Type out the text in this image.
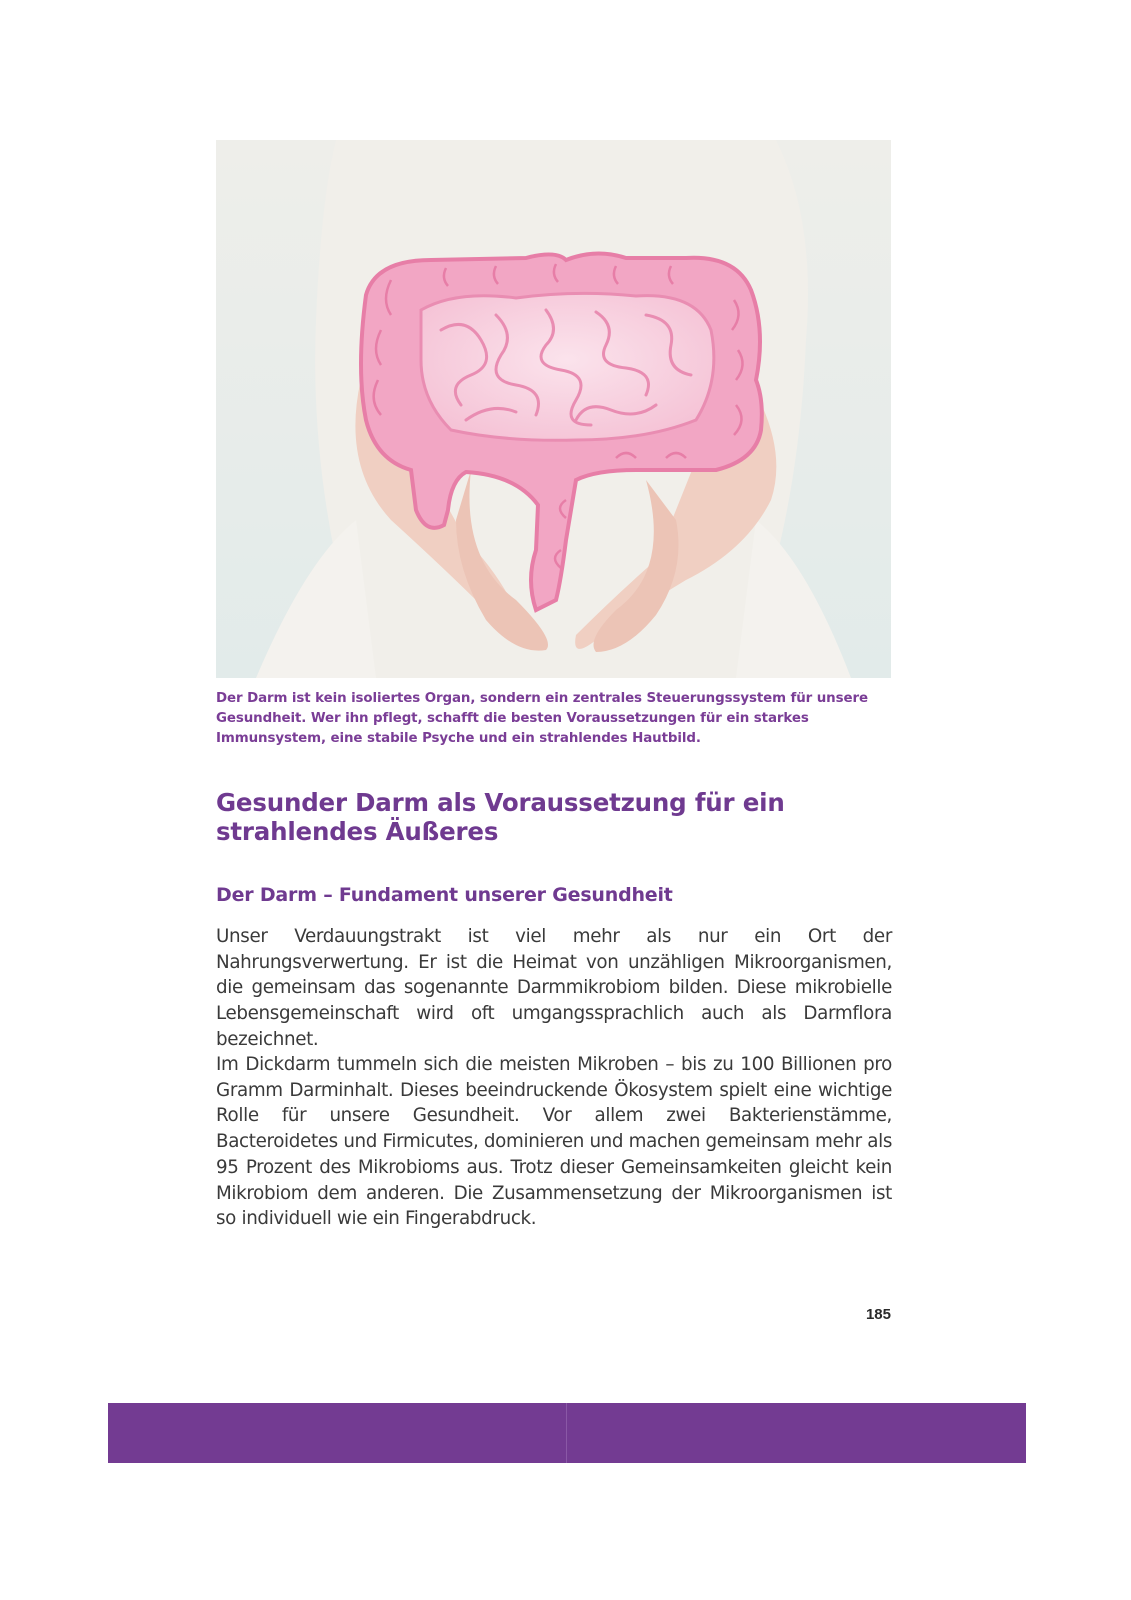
Der Darm ist kein isoliertes Organ, sondern ein zentrales Steuerungssystem für unsere Gesundheit. Wer ihn pflegt, schafft die besten Voraussetzungen für ein starkes Immunsystem, eine stabile Psyche und ein strahlendes Hautbild.

Gesunder Darm als Voraussetzung für ein
strahlendes Äußeres
Der Darm – Fundament unserer Gesundheit

Unser Verdauungstrakt ist viel mehr als nur ein Ort der Nahrungsverwertung. Er ist die Heimat von unzähligen Mikroorganismen, die gemeinsam das sogenannte Darmmikrobiom bilden. Diese mikrobielle Lebensgemeinschaft wird oft umgangssprachlich auch als Darmflora bezeichnet.

Im Dickdarm tummeln sich die meisten Mikroben – bis zu 100 Billionen pro Gramm Darminhalt. Dieses beeindruckende Ökosystem spielt eine wichtige Rolle für unsere Gesundheit. Vor allem zwei Bakterienstämme, Bacteroidetes und Firmicutes, dominieren und machen gemeinsam mehr als 95 Prozent des Mikrobioms aus. Trotz dieser Gemeinsamkeiten gleicht kein Mikrobiom dem anderen. Die Zusammensetzung der Mikroorganismen ist so individuell wie ein Fingerabdruck.

185
